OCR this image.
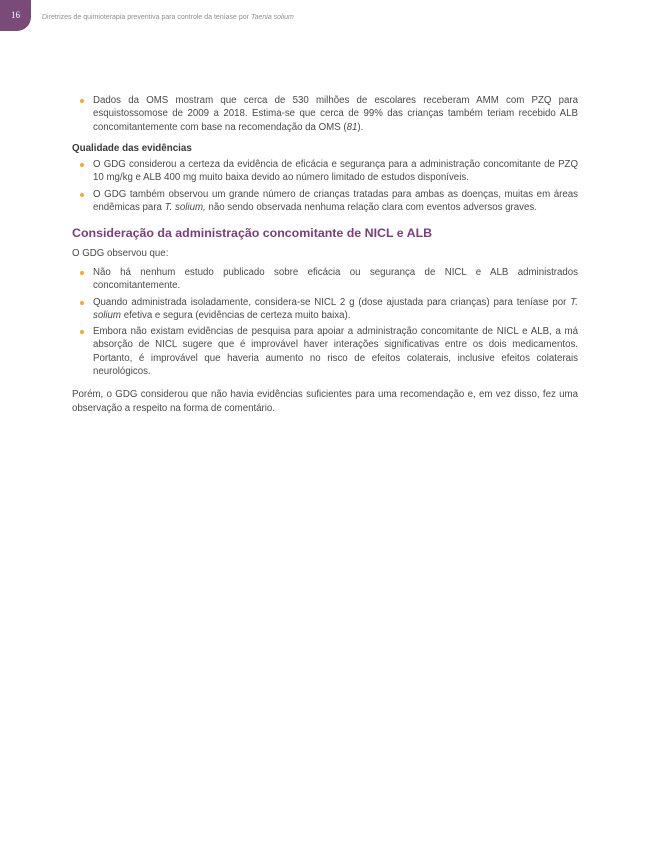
16	Diretrizes de quimioterapia preventiva para controle da teníase por Taenia solium
Dados da OMS mostram que cerca de 530 milhões de escolares receberam AMM com PZQ para esquistossomose de 2009 a 2018. Estima-se que cerca de 99% das crianças também teriam recebido ALB concomitantemente com base na recomendação da OMS (81).
Qualidade das evidências
O GDG considerou a certeza da evidência de eficácia e segurança para a administração concomitante de PZQ 10 mg/kg e ALB 400 mg muito baixa devido ao número limitado de estudos disponíveis.
O GDG também observou um grande número de crianças tratadas para ambas as doenças, muitas em áreas endêmicas para T. solium, não sendo observada nenhuma relação clara com eventos adversos graves.
Consideração da administração concomitante de NICL e ALB

O GDG observou que:

Não há nenhum estudo publicado sobre eficácia ou segurança de NICL e ALB administrados concomitantemente.
Quando administrada isoladamente, considera-se NICL 2 g (dose ajustada para crianças) para teníase por T. solium efetiva e segura (evidências de certeza muito baixa).
Embora não existam evidências de pesquisa para apoiar a administração concomitante de NICL e ALB, a má absorção de NICL sugere que é improvável haver interações significativas entre os dois medicamentos. Portanto, é improvável que haveria aumento no risco de efeitos colaterais, inclusive efeitos colaterais neurológicos.

Porém, o GDG considerou que não havia evidências suficientes para uma recomendação e, em vez disso, fez uma observação a respeito na forma de comentário.
